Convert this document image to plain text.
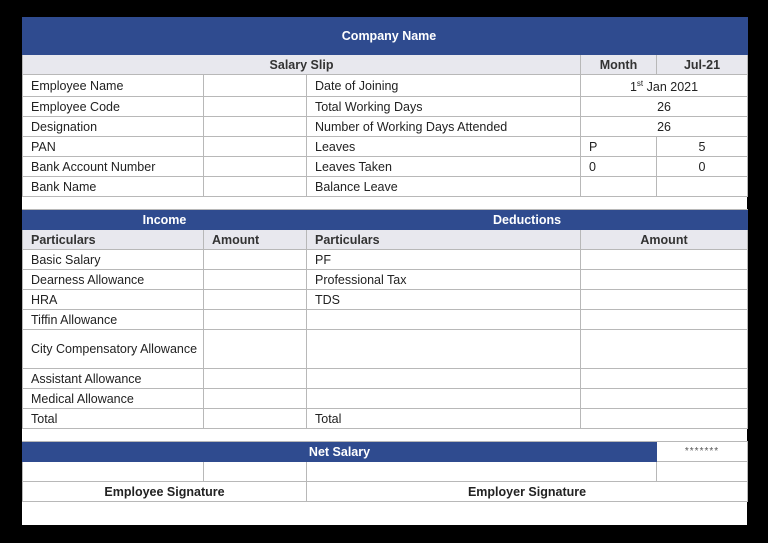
Company Name				
Salary Slip			Month	Jul-21
Employee Name		Date of Joining	1st Jan 2021	
Employee Code		Total Working Days	26	
Designation		Number of Working Days Attended	26	
PAN		Leaves	P	5
Bank Account Number		Leaves Taken	0	0
Bank Name		Balance Leave		

Income		Deductions		
Particulars	Amount	Particulars	Amount	
Basic Salary		PF		
Dearness Allowance		Professional Tax		
HRA		TDS		
Tiffin Allowance				
City Compensatory Allowance				
Assistant Allowance				
Medical Allowance				
Total		Total		

Net Salary				*******

Employee Signature		Employer Signature		
